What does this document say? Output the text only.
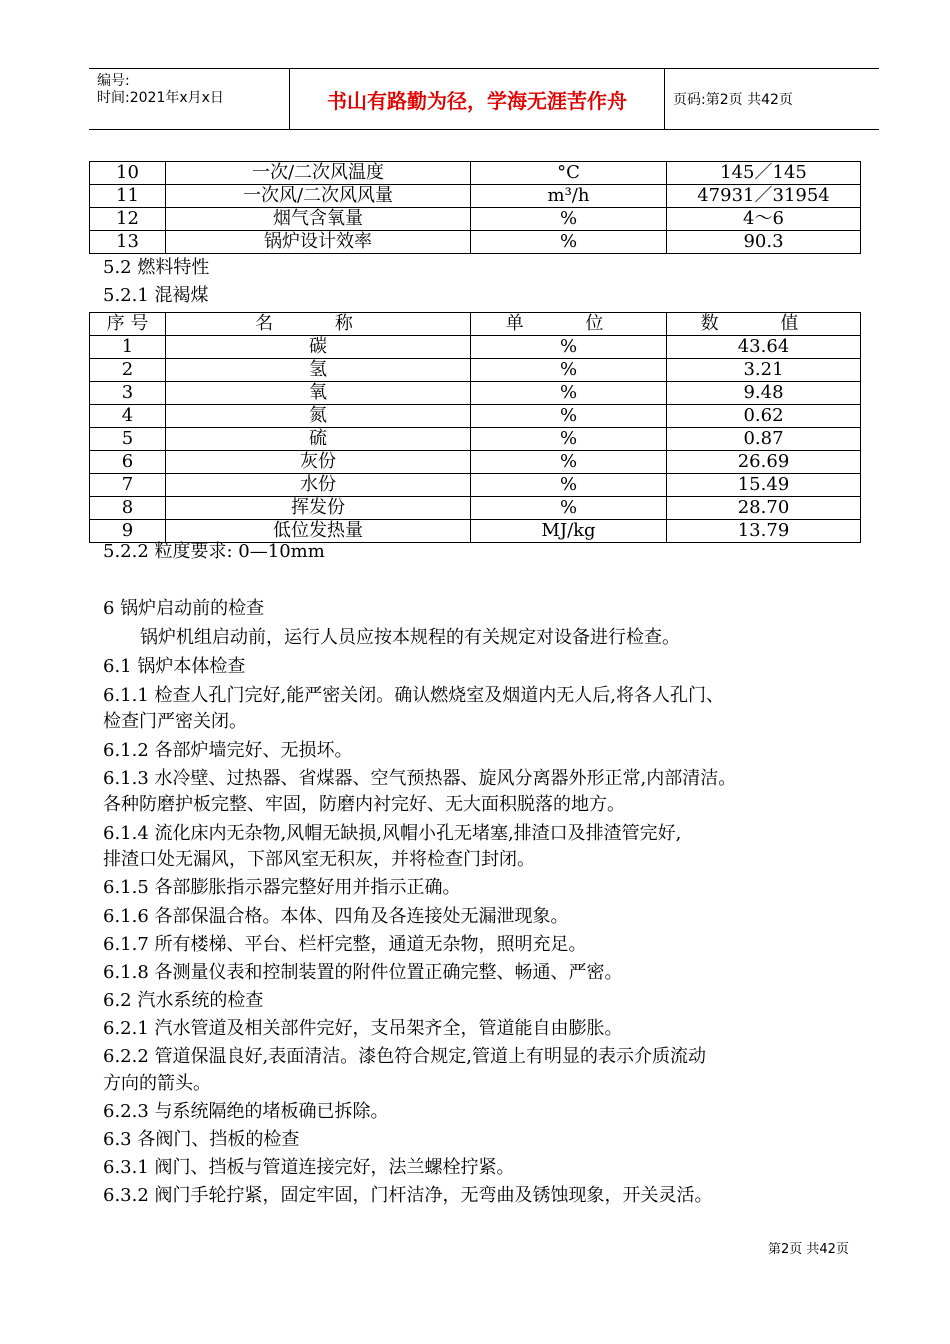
编号:
时间:2021年x月x日	书山有路勤为径，学海无涯苦作舟	页码:第2页 共42页
10	一次/二次风温度	°C	145／145
11	一次风/二次风风量	m³/h	47931／31954
12	烟气含氧量	%	4～6
13	锅炉设计效率	%	90.3
5.2 燃料特性
5.2.1 混褐煤
序 号	名 称	单 位	数 值
1	碳	%	43.64
2	氢	%	3.21
3	氧	%	9.48
4	氮	%	0.62
5	硫	%	0.87
6	灰份	%	26.69
7	水份	%	15.49
8	挥发份	%	28.70
9	低位发热量	MJ/kg	13.79
5.2.2 粒度要求: 0—10mm
6 锅炉启动前的检查
锅炉机组启动前，运行人员应按本规程的有关规定对设备进行检查。
6.1 锅炉本体检查
6.1.1 检查人孔门完好,能严密关闭。确认燃烧室及烟道内无人后,将各人孔门、
检查门严密关闭。
6.1.2 各部炉墙完好、无损坏。
6.1.3 水冷壁、过热器、省煤器、空气预热器、旋风分离器外形正常,内部清洁。
各种防磨护板完整、牢固，防磨内衬完好、无大面积脱落的地方。
6.1.4 流化床内无杂物,风帽无缺损,风帽小孔无堵塞,排渣口及排渣管完好,
排渣口处无漏风，下部风室无积灰，并将检查门封闭。
6.1.5 各部膨胀指示器完整好用并指示正确。
6.1.6 各部保温合格。本体、四角及各连接处无漏泄现象。
6.1.7 所有楼梯、平台、栏杆完整，通道无杂物，照明充足。
6.1.8 各测量仪表和控制装置的附件位置正确完整、畅通、严密。
6.2 汽水系统的检查
6.2.1 汽水管道及相关部件完好，支吊架齐全，管道能自由膨胀。
6.2.2 管道保温良好,表面清洁。漆色符合规定,管道上有明显的表示介质流动
方向的箭头。
6.2.3 与系统隔绝的堵板确已拆除。
6.3 各阀门、挡板的检查
6.3.1 阀门、挡板与管道连接完好，法兰螺栓拧紧。
6.3.2 阀门手轮拧紧，固定牢固，门杆洁净，无弯曲及锈蚀现象，开关灵活。
第2页 共42页
